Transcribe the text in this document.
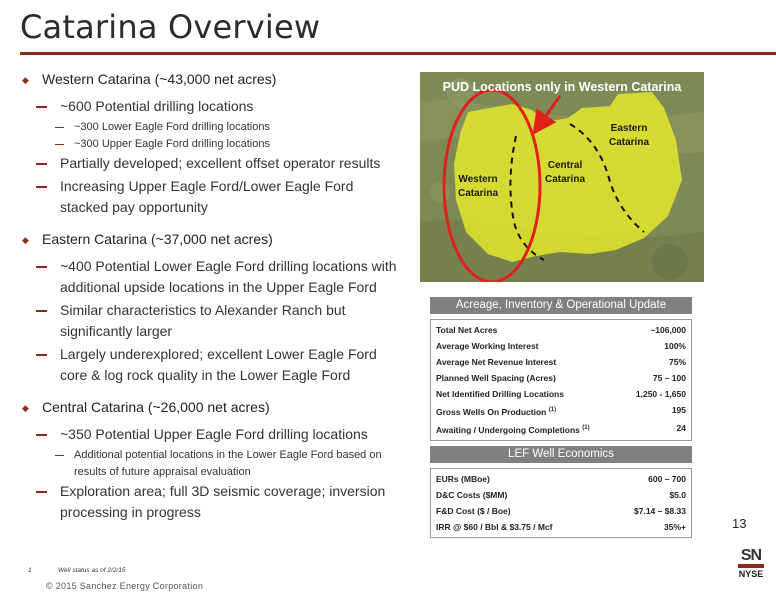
Catarina Overview
◆ Western Catarina (~43,000 net acres)
~600 Potential drilling locations
~300 Lower Eagle Ford drilling locations
~300 Upper Eagle Ford drilling locations
Partially developed; excellent offset operator results
Increasing Upper Eagle Ford/Lower Eagle Ford stacked pay opportunity
◆ Eastern Catarina (~37,000 net acres)
~400 Potential Lower Eagle Ford drilling locations with additional upside locations in the Upper Eagle Ford
Similar characteristics to Alexander Ranch but significantly larger
Largely underexplored; excellent Lower Eagle Ford core & log rock quality in the Lower Eagle Ford
◆ Central Catarina (~26,000 net acres)
~350 Potential Upper Eagle Ford drilling locations
Additional potential locations in the Lower Eagle Ford based on results of future appraisal evaluation
Exploration area; full 3D seismic coverage; inversion processing in progress
PUD Locations only in Western Catarina
Western
Catarina
Central
Catarina
Eastern
Catarina
Acreage, Inventory & Operational Update
Total Net Acres	~106,000
Average Working Interest	100%
Average Net Revenue Interest	75%
Planned Well Spacing (Acres)	75 – 100
Net Identified Drilling Locations	1,250 - 1,650
Gross Wells On Production $^{(1)}$	195
Awaiting / Undergoing Completions $^{(1)}$	24
LEF Well Economics
EURs (MBoe)	600 – 700
D&C Costs ($MM)	$5.0
F&D Cost ($ / Boe)	$7.14 – $8.33
IRR @ $60 / Bbl & $3.75 / Mcf	35%+	13
1	Well status as of 2/2/15
© 2015 Sanchez Energy Corporation
SN
NYSE
